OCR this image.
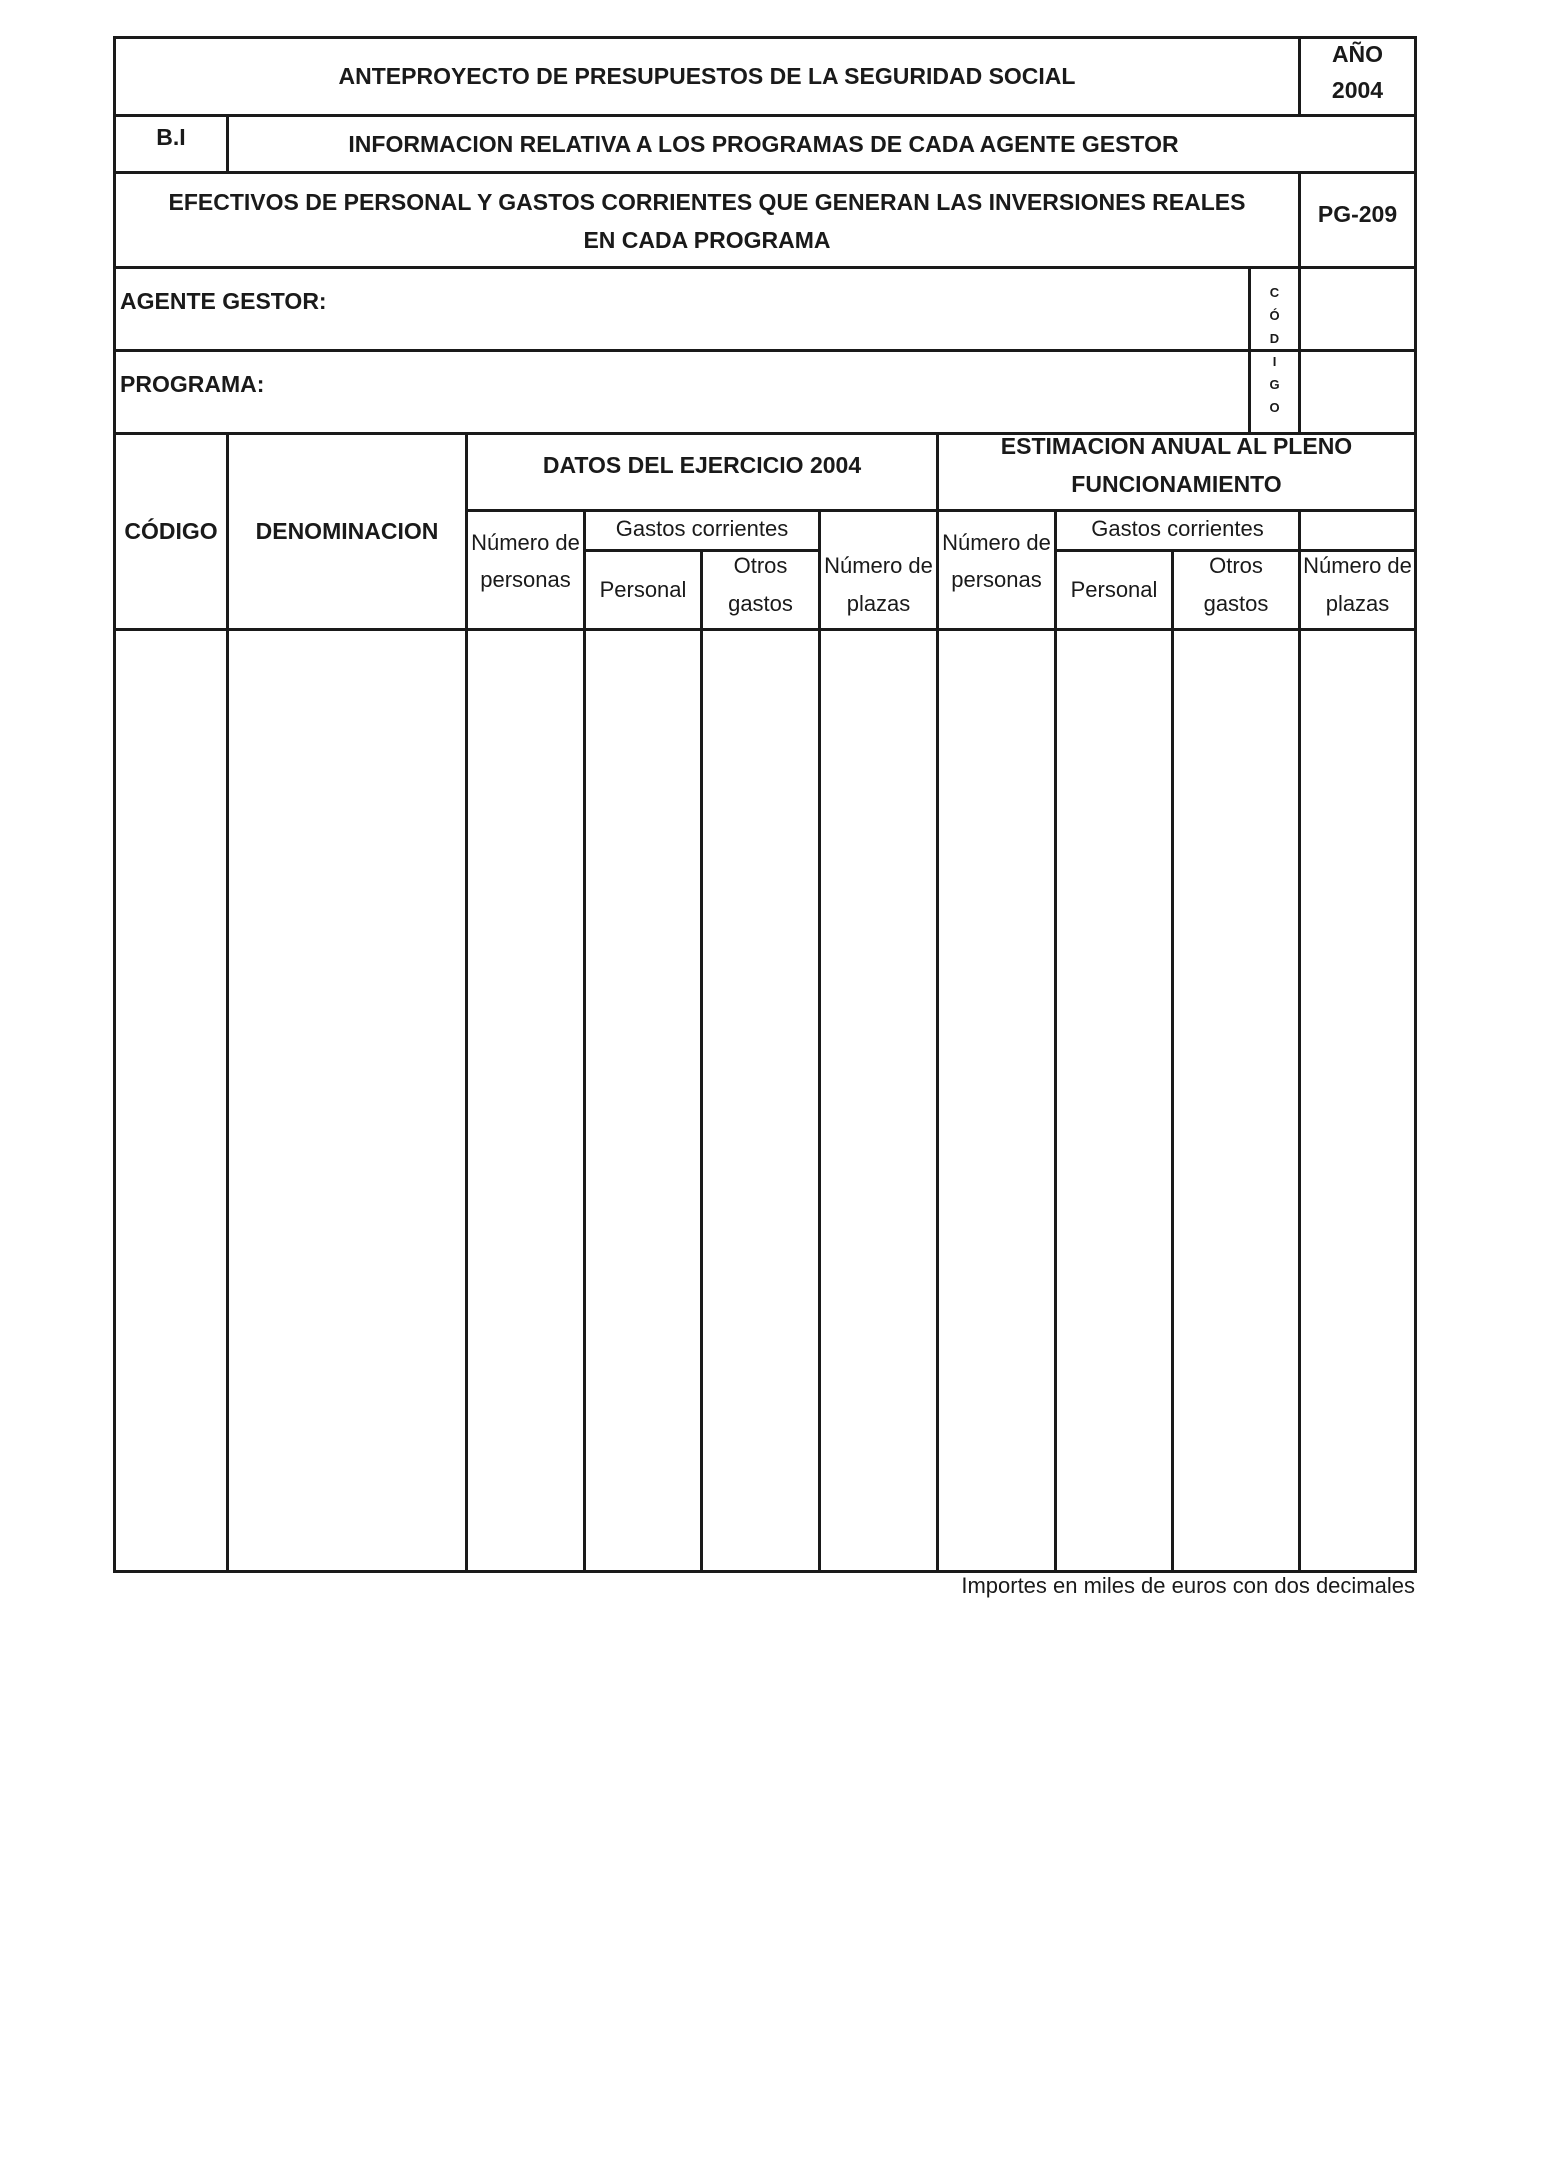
ANTEPROYECTO DE PRESUPUESTOS DE LA SEGURIDAD SOCIAL
AÑO
2004
B.I	INFORMACION RELATIVA A LOS PROGRAMAS DE CADA AGENTE GESTOR
EFECTIVOS DE PERSONAL Y GASTOS CORRIENTES QUE GENERAN LAS INVERSIONES REALES
EN CADA PROGRAMA
PG-209
AGENTE GESTOR:
PROGRAMA:
C
Ó
D
I
G
O
CÓDIGO	DENOMINACION
DATOS DEL EJERCICIO 2004
ESTIMACION ANUAL AL PLENO
FUNCIONAMIENTO
Número de
personas
Gastos corrientes
Personal
Otros
gastos
Número de
plazas
Número de
personas
Gastos corrientes
Personal
Otros
gastos
Número de
plazas
Importes en miles de euros con dos decimales
